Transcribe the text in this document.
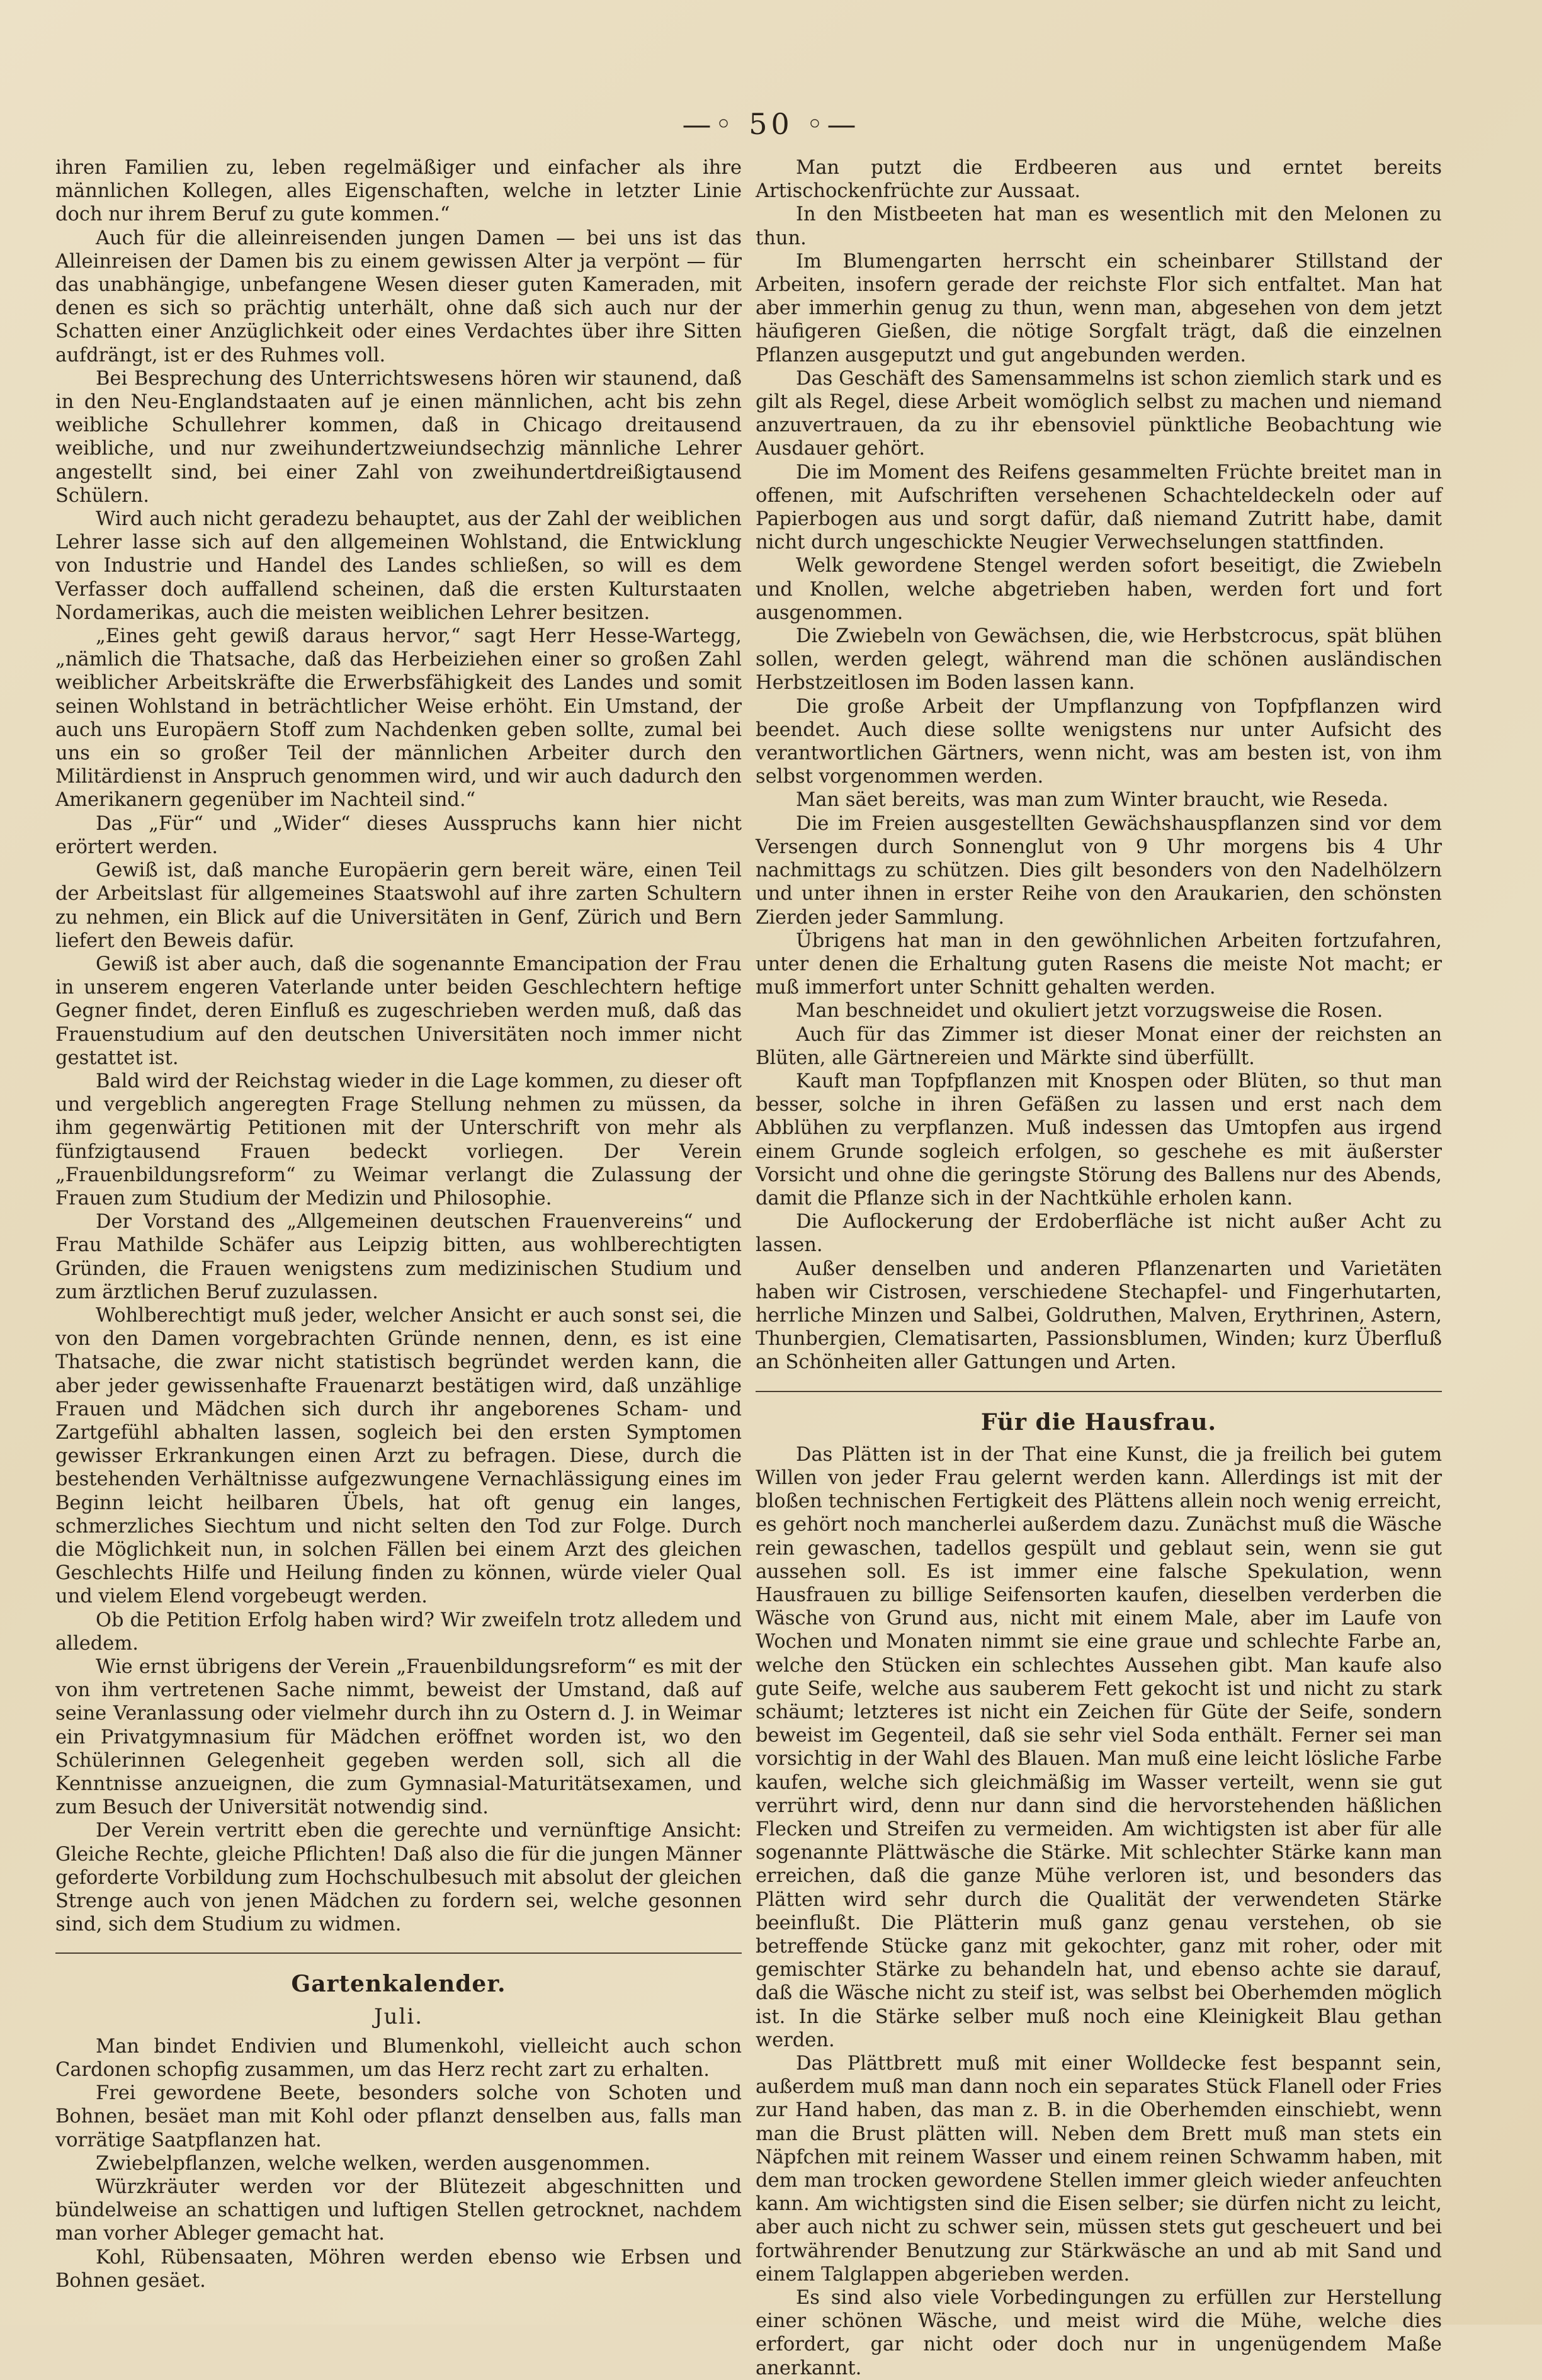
—◦ 50 ◦—

ihren Familien zu, leben regelmäßiger und einfacher als ihre männlichen Kollegen, alles Eigenschaften, welche in letzter Linie doch nur ihrem Beruf zu gute kommen.“

Auch für die alleinreisenden jungen Damen — bei uns ist das Alleinreisen der Damen bis zu einem gewissen Alter ja verpönt — für das unabhängige, unbefangene Wesen dieser guten Kameraden, mit denen es sich so prächtig unterhält, ohne daß sich auch nur der Schatten einer Anzüglichkeit oder eines Verdachtes über ihre Sitten aufdrängt, ist er des Ruhmes voll.

Bei Besprechung des Unterrichtswesens hören wir staunend, daß in den Neu-Englandstaaten auf je einen männlichen, acht bis zehn weibliche Schullehrer kommen, daß in Chicago dreitausend weibliche, und nur zweihundertzweiundsechzig männliche Lehrer angestellt sind, bei einer Zahl von zweihundertdreißigtausend Schülern.

Wird auch nicht geradezu behauptet, aus der Zahl der weiblichen Lehrer lasse sich auf den allgemeinen Wohlstand, die Entwicklung von Industrie und Handel des Landes schließen, so will es dem Verfasser doch auffallend scheinen, daß die ersten Kulturstaaten Nordamerikas, auch die meisten weiblichen Lehrer besitzen.

„Eines geht gewiß daraus hervor,“ sagt Herr Hesse-Wartegg, „nämlich die Thatsache, daß das Herbeiziehen einer so großen Zahl weiblicher Arbeitskräfte die Erwerbsfähigkeit des Landes und somit seinen Wohlstand in beträchtlicher Weise erhöht. Ein Umstand, der auch uns Europäern Stoff zum Nachdenken geben sollte, zumal bei uns ein so großer Teil der männlichen Arbeiter durch den Militärdienst in Anspruch genommen wird, und wir auch dadurch den Amerikanern gegenüber im Nachteil sind.“

Das „Für“ und „Wider“ dieses Ausspruchs kann hier nicht erörtert werden.

Gewiß ist, daß manche Europäerin gern bereit wäre, einen Teil der Arbeitslast für allgemeines Staatswohl auf ihre zarten Schultern zu nehmen, ein Blick auf die Universitäten in Genf, Zürich und Bern liefert den Beweis dafür.

Gewiß ist aber auch, daß die sogenannte Emancipation der Frau in unserem engeren Vaterlande unter beiden Geschlechtern heftige Gegner findet, deren Einfluß es zugeschrieben werden muß, daß das Frauenstudium auf den deutschen Universitäten noch immer nicht gestattet ist.

Bald wird der Reichstag wieder in die Lage kommen, zu dieser oft und vergeblich angeregten Frage Stellung nehmen zu müssen, da ihm gegenwärtig Petitionen mit der Unterschrift von mehr als fünfzigtausend Frauen bedeckt vorliegen. Der Verein „Frauenbildungsreform“ zu Weimar verlangt die Zulassung der Frauen zum Studium der Medizin und Philosophie.

Der Vorstand des „Allgemeinen deutschen Frauenvereins“ und Frau Mathilde Schäfer aus Leipzig bitten, aus wohlberechtigten Gründen, die Frauen wenigstens zum medizinischen Studium und zum ärztlichen Beruf zuzulassen.

Wohlberechtigt muß jeder, welcher Ansicht er auch sonst sei, die von den Damen vorgebrachten Gründe nennen, denn, es ist eine Thatsache, die zwar nicht statistisch begründet werden kann, die aber jeder gewissenhafte Frauenarzt bestätigen wird, daß unzählige Frauen und Mädchen sich durch ihr angeborenes Scham- und Zartgefühl abhalten lassen, sogleich bei den ersten Symptomen gewisser Erkrankungen einen Arzt zu befragen. Diese, durch die bestehenden Verhältnisse aufgezwungene Vernachlässigung eines im Beginn leicht heilbaren Übels, hat oft genug ein langes, schmerzliches Siechtum und nicht selten den Tod zur Folge. Durch die Möglichkeit nun, in solchen Fällen bei einem Arzt des gleichen Geschlechts Hilfe und Heilung finden zu können, würde vieler Qual und vielem Elend vorgebeugt werden.

Ob die Petition Erfolg haben wird? Wir zweifeln trotz alledem und alledem.

Wie ernst übrigens der Verein „Frauenbildungsreform“ es mit der von ihm vertretenen Sache nimmt, beweist der Umstand, daß auf seine Veranlassung oder vielmehr durch ihn zu Ostern d. J. in Weimar ein Privatgymnasium für Mädchen eröffnet worden ist, wo den Schülerinnen Gelegenheit gegeben werden soll, sich all die Kenntnisse anzueignen, die zum Gymnasial-Maturitätsexamen, und zum Besuch der Universität notwendig sind.

Der Verein vertritt eben die gerechte und vernünftige Ansicht: Gleiche Rechte, gleiche Pflichten! Daß also die für die jungen Männer geforderte Vorbildung zum Hochschulbesuch mit absolut der gleichen Strenge auch von jenen Mädchen zu fordern sei, welche gesonnen sind, sich dem Studium zu widmen.

Gartenkalender.
Juli.

Man bindet Endivien und Blumenkohl, vielleicht auch schon Cardonen schopfig zusammen, um das Herz recht zart zu erhalten.

Frei gewordene Beete, besonders solche von Schoten und Bohnen, besäet man mit Kohl oder pflanzt denselben aus, falls man vorrätige Saatpflanzen hat.

Zwiebelpflanzen, welche welken, werden ausgenommen.

Würzkräuter werden vor der Blütezeit abgeschnitten und bündelweise an schattigen und luftigen Stellen getrocknet, nachdem man vorher Ableger gemacht hat.

Kohl, Rübensaaten, Möhren werden ebenso wie Erbsen und Bohnen gesäet.

Man putzt die Erdbeeren aus und erntet bereits Artischockenfrüchte zur Aussaat.

In den Mistbeeten hat man es wesentlich mit den Melonen zu thun.

Im Blumengarten herrscht ein scheinbarer Stillstand der Arbeiten, insofern gerade der reichste Flor sich entfaltet. Man hat aber immerhin genug zu thun, wenn man, abgesehen von dem jetzt häufigeren Gießen, die nötige Sorgfalt trägt, daß die einzelnen Pflanzen ausgeputzt und gut angebunden werden.

Das Geschäft des Samensammelns ist schon ziemlich stark und es gilt als Regel, diese Arbeit womöglich selbst zu machen und niemand anzuvertrauen, da zu ihr ebensoviel pünktliche Beobachtung wie Ausdauer gehört.

Die im Moment des Reifens gesammelten Früchte breitet man in offenen, mit Aufschriften versehenen Schachteldeckeln oder auf Papierbogen aus und sorgt dafür, daß niemand Zutritt habe, damit nicht durch ungeschickte Neugier Verwechselungen stattfinden.

Welk gewordene Stengel werden sofort beseitigt, die Zwiebeln und Knollen, welche abgetrieben haben, werden fort und fort ausgenommen.

Die Zwiebeln von Gewächsen, die, wie Herbstcrocus, spät blühen sollen, werden gelegt, während man die schönen ausländischen Herbstzeitlosen im Boden lassen kann.

Die große Arbeit der Umpflanzung von Topfpflanzen wird beendet. Auch diese sollte wenigstens nur unter Aufsicht des verantwortlichen Gärtners, wenn nicht, was am besten ist, von ihm selbst vorgenommen werden.

Man säet bereits, was man zum Winter braucht, wie Reseda.

Die im Freien ausgestellten Gewächshauspflanzen sind vor dem Versengen durch Sonnenglut von 9 Uhr morgens bis 4 Uhr nachmittags zu schützen. Dies gilt besonders von den Nadelhölzern und unter ihnen in erster Reihe von den Araukarien, den schönsten Zierden jeder Sammlung.

Übrigens hat man in den gewöhnlichen Arbeiten fortzufahren, unter denen die Erhaltung guten Rasens die meiste Not macht; er muß immerfort unter Schnitt gehalten werden.

Man beschneidet und okuliert jetzt vorzugsweise die Rosen.

Auch für das Zimmer ist dieser Monat einer der reichsten an Blüten, alle Gärtnereien und Märkte sind überfüllt.

Kauft man Topfpflanzen mit Knospen oder Blüten, so thut man besser, solche in ihren Gefäßen zu lassen und erst nach dem Abblühen zu verpflanzen. Muß indessen das Umtopfen aus irgend einem Grunde sogleich erfolgen, so geschehe es mit äußerster Vorsicht und ohne die geringste Störung des Ballens nur des Abends, damit die Pflanze sich in der Nachtkühle erholen kann.

Die Auflockerung der Erdoberfläche ist nicht außer Acht zu lassen.

Außer denselben und anderen Pflanzenarten und Varietäten haben wir Cistrosen, verschiedene Stechapfel- und Fingerhutarten, herrliche Minzen und Salbei, Goldruthen, Malven, Erythrinen, Astern, Thunbergien, Clematisarten, Passionsblumen, Winden; kurz Überfluß an Schönheiten aller Gattungen und Arten.

Für die Hausfrau.

Das Plätten ist in der That eine Kunst, die ja freilich bei gutem Willen von jeder Frau gelernt werden kann. Allerdings ist mit der bloßen technischen Fertigkeit des Plättens allein noch wenig erreicht, es gehört noch mancherlei außerdem dazu. Zunächst muß die Wäsche rein gewaschen, tadellos gespült und geblaut sein, wenn sie gut aussehen soll. Es ist immer eine falsche Spekulation, wenn Hausfrauen zu billige Seifensorten kaufen, dieselben verderben die Wäsche von Grund aus, nicht mit einem Male, aber im Laufe von Wochen und Monaten nimmt sie eine graue und schlechte Farbe an, welche den Stücken ein schlechtes Aussehen gibt. Man kaufe also gute Seife, welche aus sauberem Fett gekocht ist und nicht zu stark schäumt; letzteres ist nicht ein Zeichen für Güte der Seife, sondern beweist im Gegenteil, daß sie sehr viel Soda enthält. Ferner sei man vorsichtig in der Wahl des Blauen. Man muß eine leicht lösliche Farbe kaufen, welche sich gleichmäßig im Wasser verteilt, wenn sie gut verrührt wird, denn nur dann sind die hervorstehenden häßlichen Flecken und Streifen zu vermeiden. Am wichtigsten ist aber für alle sogenannte Plättwäsche die Stärke. Mit schlechter Stärke kann man erreichen, daß die ganze Mühe verloren ist, und besonders das Plätten wird sehr durch die Qualität der verwendeten Stärke beeinflußt. Die Plätterin muß ganz genau verstehen, ob sie betreffende Stücke ganz mit gekochter, ganz mit roher, oder mit gemischter Stärke zu behandeln hat, und ebenso achte sie darauf, daß die Wäsche nicht zu steif ist, was selbst bei Oberhemden möglich ist. In die Stärke selber muß noch eine Kleinigkeit Blau gethan werden.

Das Plättbrett muß mit einer Wolldecke fest bespannt sein, außerdem muß man dann noch ein separates Stück Flanell oder Fries zur Hand haben, das man z. B. in die Oberhemden einschiebt, wenn man die Brust plätten will. Neben dem Brett muß man stets ein Näpfchen mit reinem Wasser und einem reinen Schwamm haben, mit dem man trocken gewordene Stellen immer gleich wieder anfeuchten kann. Am wichtigsten sind die Eisen selber; sie dürfen nicht zu leicht, aber auch nicht zu schwer sein, müssen stets gut gescheuert und bei fortwährender Benutzung zur Stärkwäsche an und ab mit Sand und einem Talglappen abgerieben werden.

Es sind also viele Vorbedingungen zu erfüllen zur Herstellung einer schönen Wäsche, und meist wird die Mühe, welche dies erfordert, gar nicht oder doch nur in ungenügendem Maße anerkannt.
